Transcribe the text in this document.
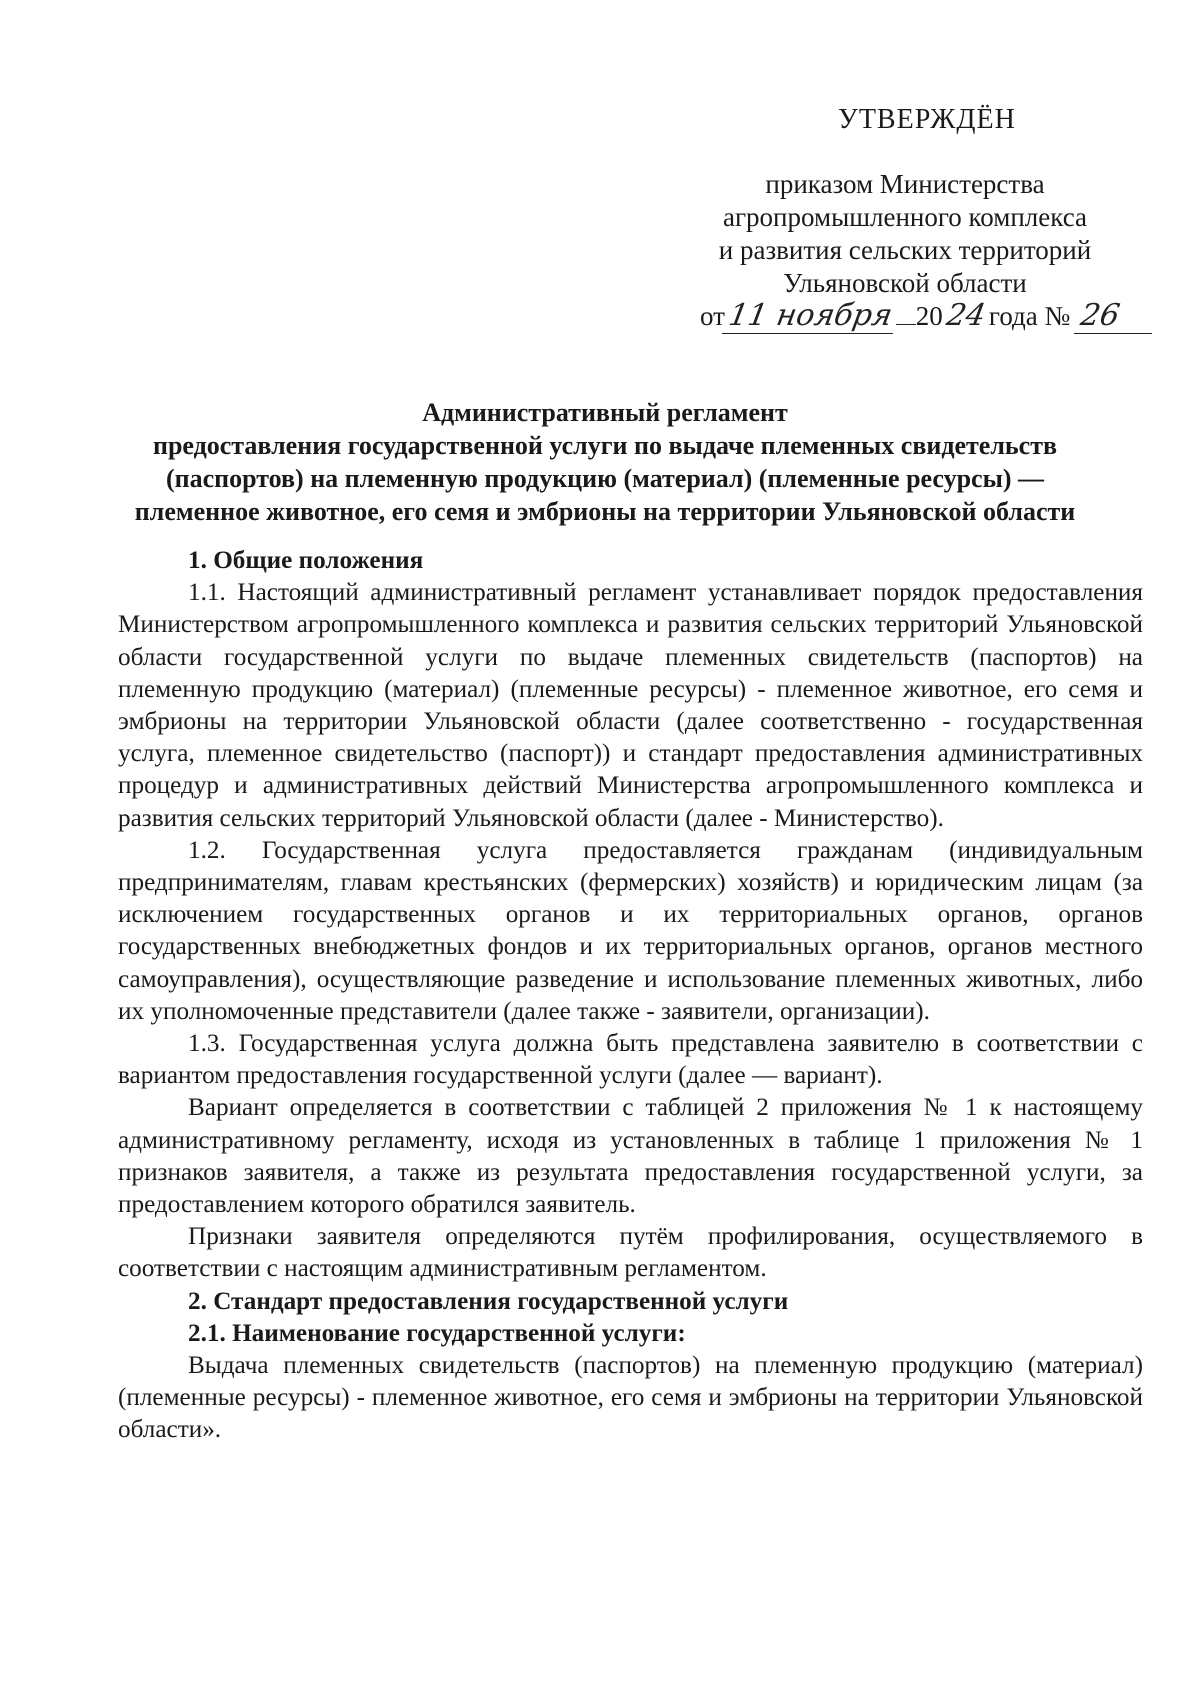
УТВЕРЖДЁН
приказом Министерства
агропромышленного комплекса
и развития сельских территорий
Ульяновской области
от11 ноября 2024года № 26
Административный регламент
предоставления государственной услуги по выдаче племенных свидетельств
(паспортов) на племенную продукцию (материал) (племенные ресурсы) —
племенное животное, его семя и эмбрионы на территории Ульяновской области

1. Общие положения

1.1. Настоящий административный регламент устанавливает порядок предоставления Министерством агропромышленного комплекса и развития сельских территорий Ульяновской области государственной услуги по выдаче племенных свидетельств (паспортов) на племенную продукцию (материал) (племенные ресурсы) - племенное животное, его семя и эмбрионы на территории Ульяновской области (далее соответственно - государственная услуга, племенное свидетельство (паспорт)) и стандарт предоставления административных процедур и административных действий Министерства агропромышленного комплекса и развития сельских территорий Ульяновской области (далее - Министерство).

1.2. Государственная услуга предоставляется гражданам (индивидуальным предпринимателям, главам крестьянских (фермерских) хозяйств) и юридическим лицам (за исключением государственных органов и их территориальных органов, органов государственных внебюджетных фондов и их территориальных органов, органов местного самоуправления), осуществляющие разведение и использование племенных животных, либо их уполномоченные представители (далее также - заявители, организации).

1.3. Государственная услуга должна быть представлена заявителю в соответствии с вариантом предоставления государственной услуги (далее — вариант).

Вариант определяется в соответствии с таблицей 2 приложения № 1 к настоящему административному регламенту, исходя из установленных в таблице 1 приложения № 1 признаков заявителя, а также из результата предоставления государственной услуги, за предоставлением которого обратился заявитель.

Признаки заявителя определяются путём профилирования, осуществляемого в соответствии с настоящим административным регламентом.

2. Стандарт предоставления государственной услуги

2.1. Наименование государственной услуги:

Выдача племенных свидетельств (паспортов) на племенную продукцию (материал) (племенные ресурсы) - племенное животное, его семя и эмбрионы на территории Ульяновской области».
